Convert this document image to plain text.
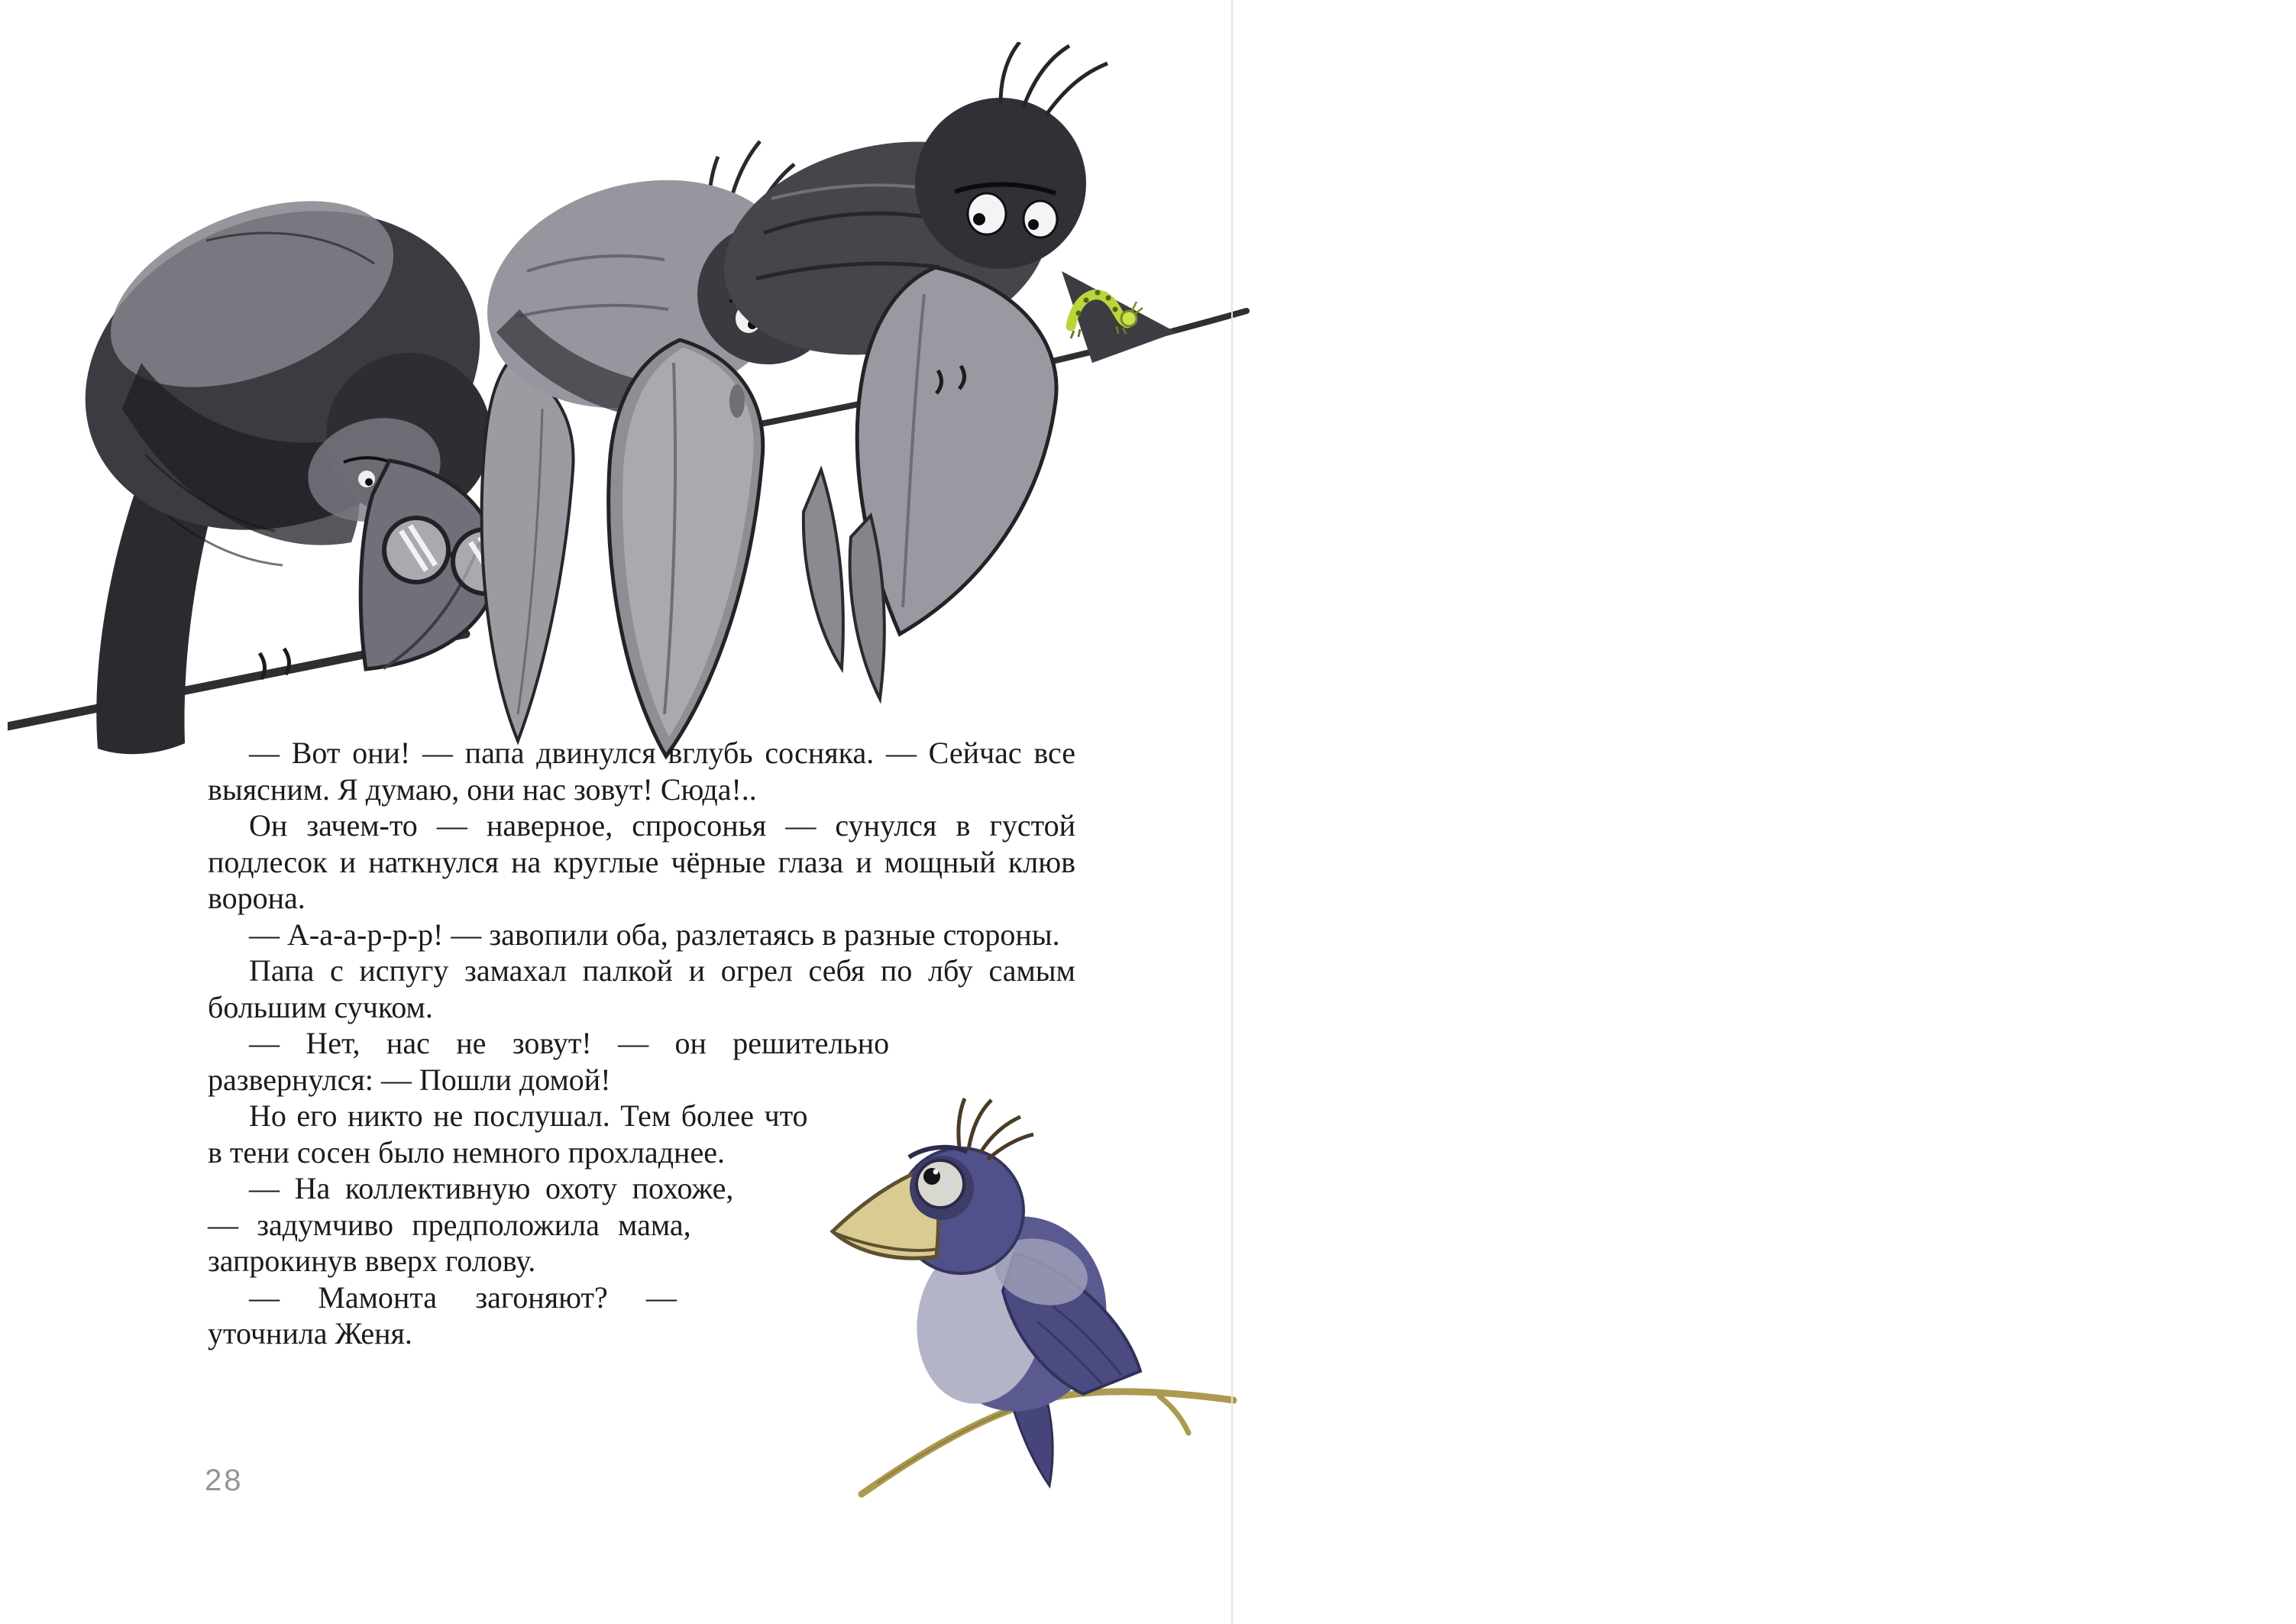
— Вот они! — папа двинулся вглубь сосняка. — Сейчас все выясним. Я думаю, они нас зовут! Сюда!..

Он зачем-то — наверное, спросонья — сунулся в густой подлесок и наткнулся на круглые чёрные глаза и мощный клюв ворона.

— А-а-а-р-р-р! — завопили оба, разлетаясь в разные стороны.

Папа с испугу замахал палкой и огрел себя по лбу самым большим сучком.

— Нет, нас не зовут! — он решительно развернулся: — Пошли домой!

Но его никто не послушал. Тем более что в тени сосен было немного прохладнее.

— На коллективную охоту похоже, — задумчиво предположила мама, запрокинув вверх голову.

— Мамонта загоняют? — уточнила Женя.

28
